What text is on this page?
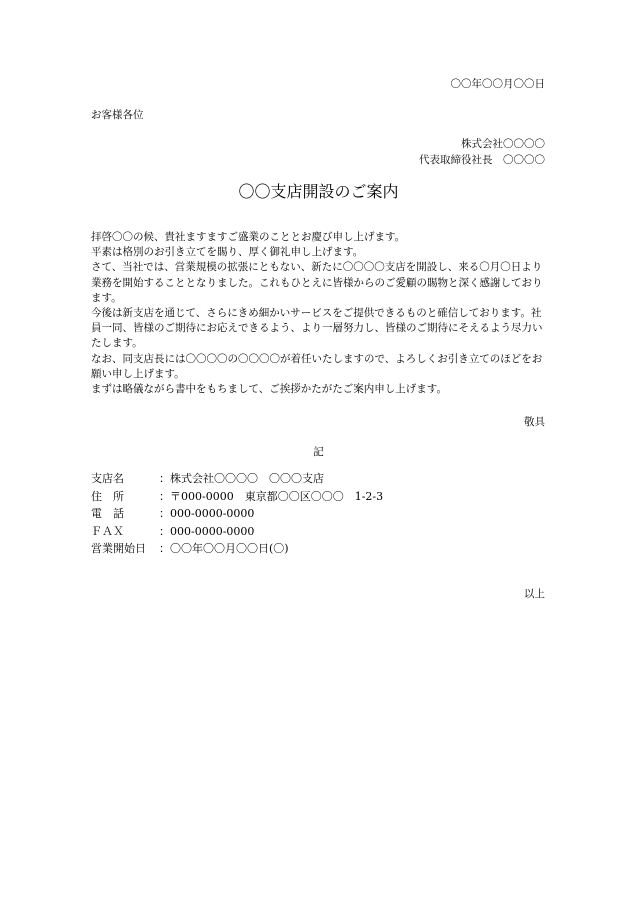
〇〇年〇〇月〇〇日
お客様各位
株式会社〇〇〇〇
代表取締役社長　〇〇〇〇
〇〇支店開設のご案内

拝啓〇〇の候、貴社ますますご盛業のこととお慶び申し上げます。

平素は格別のお引き立てを賜り、厚く御礼申し上げます。

さて、当社では、営業規模の拡張にともない、新たに〇〇〇〇支店を開設し、来る〇月〇日より業務を開始することとなりました。これもひとえに皆様からのご愛顧の賜物と深く感謝しております。

今後は新支店を通じて、さらにきめ細かいサービスをご提供できるものと確信しております。社員一同、皆様のご期待にお応えできるよう、より一層努力し、皆様のご期待にそえるよう尽力いたします。

なお、同支店長には〇〇〇〇の〇〇〇〇が着任いたしますので、よろしくお引き立てのほどをお願い申し上げます。

まずは略儀ながら書中をもちまして、ご挨拶かたがたご案内申し上げます。

敬具
記
支店名	： 株式会社〇〇〇〇　〇〇〇支店
住　所	： 〒000-0000　東京都〇〇区〇〇〇　1-2-3
電　話	： 000-0000-0000
ＦＡＸ	： 000-0000-0000
営業開始日	： 〇〇年〇〇月〇〇日(〇)
以上
